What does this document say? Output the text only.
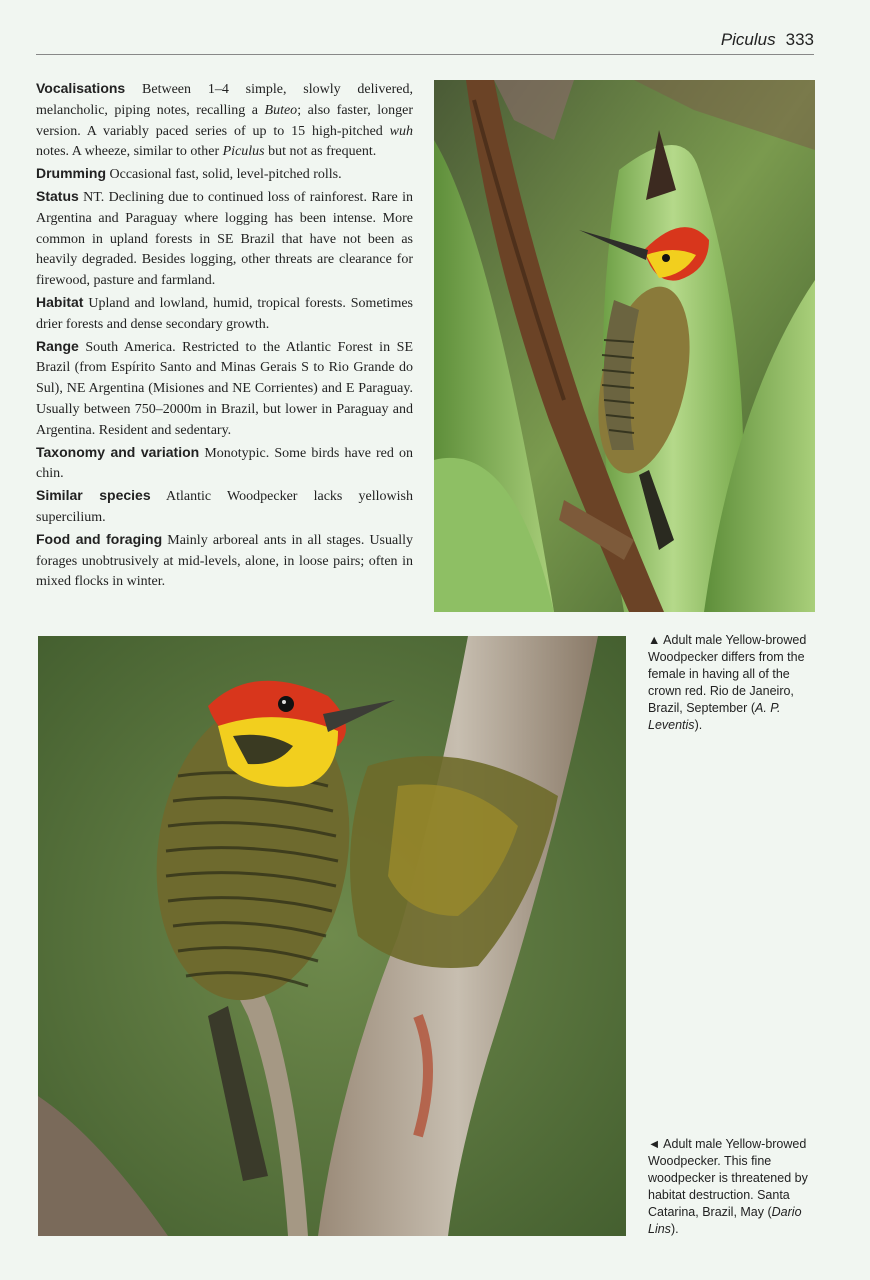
Piculus 333

Vocalisations Between 1–4 simple, slowly delivered, melancholic, piping notes, recalling a Buteo; also faster, longer version. A variably paced series of up to 15 high-pitched wuh notes. A wheeze, similar to other Piculus but not as frequent.

Drumming Occasional fast, solid, level-pitched rolls.

Status NT. Declining due to continued loss of rainforest. Rare in Argentina and Paraguay where logging has been intense. More common in upland forests in SE Brazil that have not been as heavily degraded. Besides logging, other threats are clearance for firewood, pasture and farmland.

Habitat Upland and lowland, humid, tropical forests. Sometimes drier forests and dense secondary growth.

Range South America. Restricted to the Atlantic Forest in SE Brazil (from Espírito Santo and Minas Gerais S to Rio Grande do Sul), NE Argentina (Misiones and NE Corrientes) and E Paraguay. Usually between 750–2000m in Brazil, but lower in Paraguay and Argentina. Resident and sedentary.

Taxonomy and variation Monotypic. Some birds have red on chin.

Similar species Atlantic Woodpecker lacks yellowish supercilium.

Food and foraging Mainly arboreal ants in all stages. Usually forages unobtrusively at mid-levels, alone, in loose pairs; often in mixed flocks in winter.

▲ Adult male Yellow-browed Woodpecker differs from the female in having all of the crown red. Rio de Janeiro, Brazil, September (A. P. Leventis).
◄ Adult male Yellow-browed Woodpecker. This fine woodpecker is threatened by habitat destruction. Santa Catarina, Brazil, May (Dario Lins).
